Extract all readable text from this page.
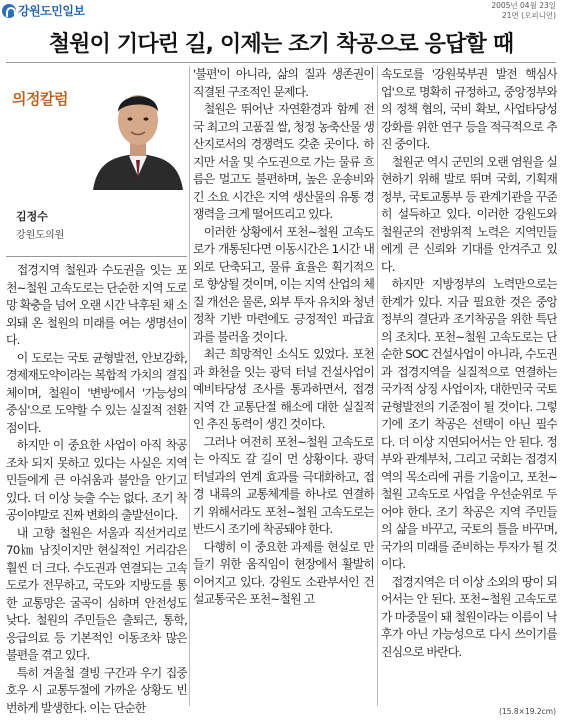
강원도민일보	2005년 04월 23일
21면 (오피니언)
철원이 기다린 길, 이제는 조기 착공으로 응답할 때
의정칼럼
김정수
강원도의원

접경지역 철원과 수도권을 잇는 포천~철원 고속도로는 단순한 지역 도로망 확충을 넘어 오랜 시간 낙후된 채 소외돼 온 철원의 미래를 여는 생명선이다.

이 도로는 국토 균형발전, 안보강화, 경제재도약이라는 복합적 가치의 결집체이며, 철원이 '변방'에서 '가능성의 중심'으로 도약할 수 있는 실질적 전환점이다.

하지만 이 중요한 사업이 아직 착공조차 되지 못하고 있다는 사실은 지역민들에게 큰 아쉬움과 불안을 안기고 있다. 더 이상 늦출 수는 없다. 조기 착공이야말로 진짜 변화의 출발선이다.

내 고향 철원은 서울과 직선거리로 70㎞ 남짓이지만 현실적인 거리감은 훨씬 더 크다. 수도권과 연결되는 고속도로가 전무하고, 국도와 지방도를 통한 교통망은 굴곡이 심하며 안전성도 낮다. 철원의 주민들은 출퇴근, 통학, 응급의료 등 기본적인 이동조차 많은 불편을 겪고 있다.

특히 겨울철 결빙 구간과 우기 집중호우 시 교통두절에 가까운 상황도 빈번하게 발생한다. 이는 단순한

'불편'이 아니라, 삶의 질과 생존권이 직결된 구조적인 문제다.

철원은 뛰어난 자연환경과 함께 전국 최고의 고품질 쌀, 청정 농축산물 생산지로서의 경쟁력도 갖춘 곳이다. 하지만 서울 및 수도권으로 가는 물류 흐름은 멀고도 불편하며, 높은 운송비와 긴 소요 시간은 지역 생산물의 유통 경쟁력을 크게 떨어뜨리고 있다.

이러한 상황에서 포천~철원 고속도로가 개통된다면 이동시간은 1시간 내외로 단축되고, 물류 효율은 획기적으로 향상될 것이며, 이는 지역 산업의 체질 개선은 물론, 외부 투자 유치와 청년 정착 기반 마련에도 긍정적인 파급효과를 불러올 것이다.

최근 희망적인 소식도 있었다. 포천과 화천을 잇는 광덕 터널 건설사업이 예비타당성 조사를 통과하면서, 접경지역 간 교통단절 해소에 대한 실질적인 추진 동력이 생긴 것이다.

그러나 여전히 포천~철원 고속도로는 아직도 갈 길이 먼 상황이다. 광덕 터널과의 연계 효과를 극대화하고, 접경 내륙의 교통체계를 하나로 연결하기 위해서라도 포천~철원 고속도로는 반드시 조기에 착공돼야 한다.

다행히 이 중요한 과제를 현실로 만들기 위한 움직임이 현장에서 활발히 이어지고 있다. 강원도 소관부서인 건설교통국은 포천~철원 고

속도로를 '강원북부권 발전 핵심사업'으로 명확히 규정하고, 중앙정부와의 정책 협의, 국비 확보, 사업타당성 강화를 위한 연구 등을 적극적으로 추진 중이다.

철원군 역시 군민의 오랜 염원을 실현하기 위해 발로 뛰며 국회, 기획재정부, 국토교통부 등 관계기관을 꾸준히 설득하고 있다. 이러한 강원도와 철원군의 전방위적 노력은 지역민들에게 큰 신뢰와 기대를 안겨주고 있다.

하지만 지방정부의 노력만으로는 한계가 있다. 지금 필요한 것은 중앙정부의 결단과 조기착공을 위한 특단의 조치다. 포천~철원 고속도로는 단순한 SOC 건설사업이 아니라, 수도권과 접경지역을 실질적으로 연결하는 국가적 상징 사업이자, 대한민국 국토균형발전의 기준점이 될 것이다. 그렇기에 조기 착공은 선택이 아닌 필수다. 더 이상 지연되어서는 안 된다. 정부와 관계부처, 그리고 국회는 접경지역의 목소리에 귀를 기울이고, 포천~철원 고속도로 사업을 우선순위로 두어야 한다. 조기 착공은 지역 주민들의 삶을 바꾸고, 국토의 틀을 바꾸며, 국가의 미래를 준비하는 투자가 될 것이다.

접경지역은 더 이상 소외의 땅이 되어서는 안 된다. 포천~철원 고속도로가 마중물이 돼 철원이라는 이름이 낙후가 아닌 가능성으로 다시 쓰이기를 진심으로 바란다.

(15.8×19.2cm)
